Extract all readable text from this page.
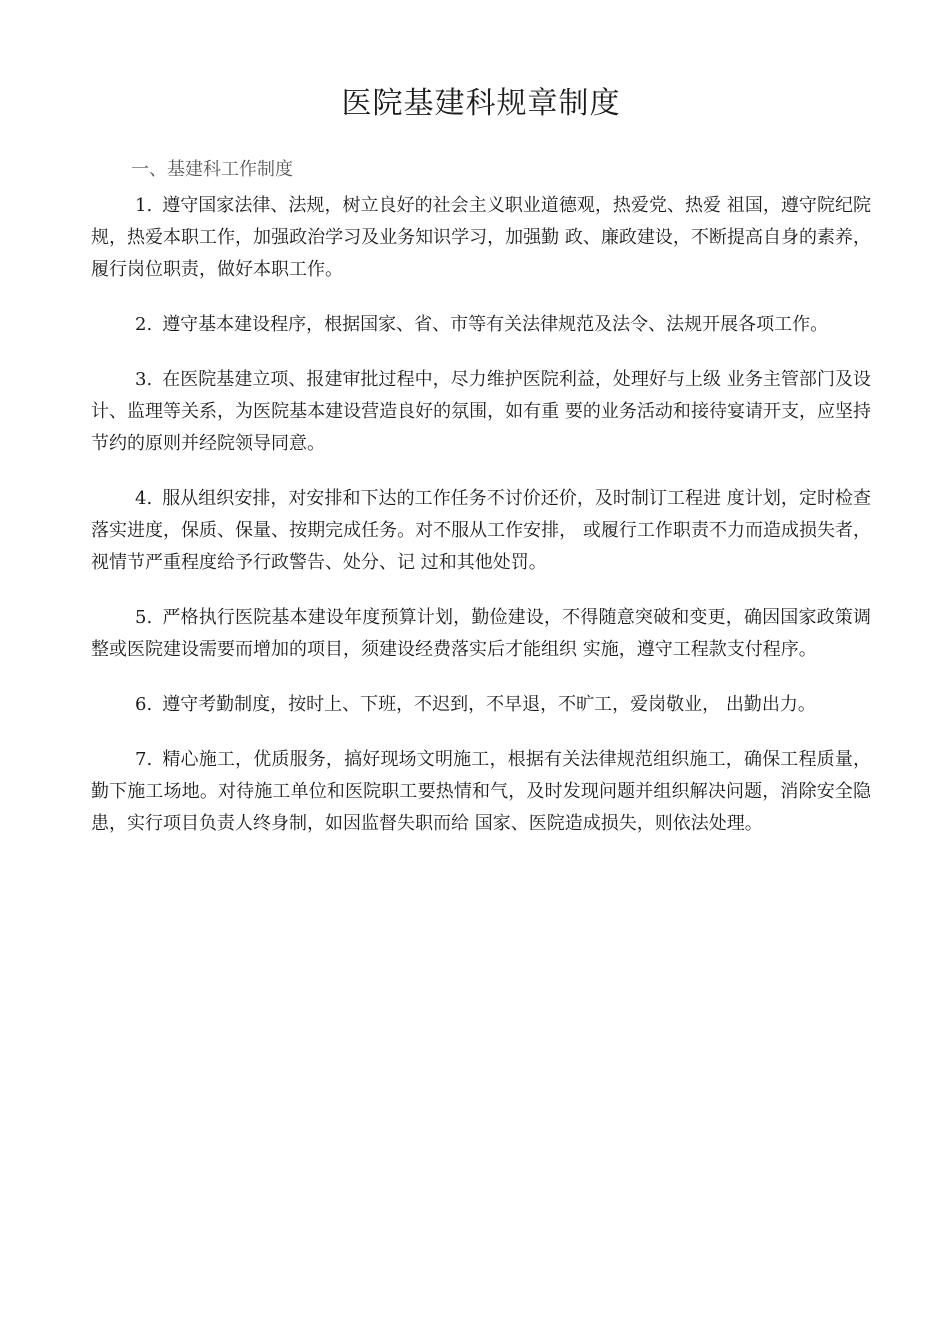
医院基建科规章制度
一、基建科工作制度

1. 遵守国家法律、法规，树立良好的社会主义职业道德观，热爱党、热爱 祖国，遵守院纪院规，热爱本职工作，加强政治学习及业务知识学习，加强勤 政、廉政建设，不断提高自身的素养，履行岗位职责，做好本职工作。

2. 遵守基本建设程序，根据国家、省、市等有关法律规范及法令、法规开展各项工作。

3. 在医院基建立项、报建审批过程中，尽力维护医院利益，处理好与上级 业务主管部门及设计、监理等关系，为医院基本建设营造良好的氛围，如有重 要的业务活动和接待宴请开支，应坚持节约的原则并经院领导同意。

4. 服从组织安排，对安排和下达的工作任务不讨价还价，及时制订工程进 度计划，定时检查落实进度，保质、保量、按期完成任务。对不服从工作安排， 或履行工作职责不力而造成损失者，视情节严重程度给予行政警告、处分、记 过和其他处罚。

5. 严格执行医院基本建设年度预算计划，勤俭建设，不得随意突破和变更，确因国家政策调整或医院建设需要而增加的项目，须建设经费落实后才能组织 实施，遵守工程款支付程序。

6. 遵守考勤制度，按时上、下班，不迟到，不早退，不旷工，爱岗敬业， 出勤出力。

7. 精心施工，优质服务，搞好现场文明施工，根据有关法律规范组织施工，确保工程质量，勤下施工场地。对待施工单位和医院职工要热情和气，及时发现问题并组织解决问题，消除安全隐患，实行项目负责人终身制，如因监督失职而给 国家、医院造成损失，则依法处理。
